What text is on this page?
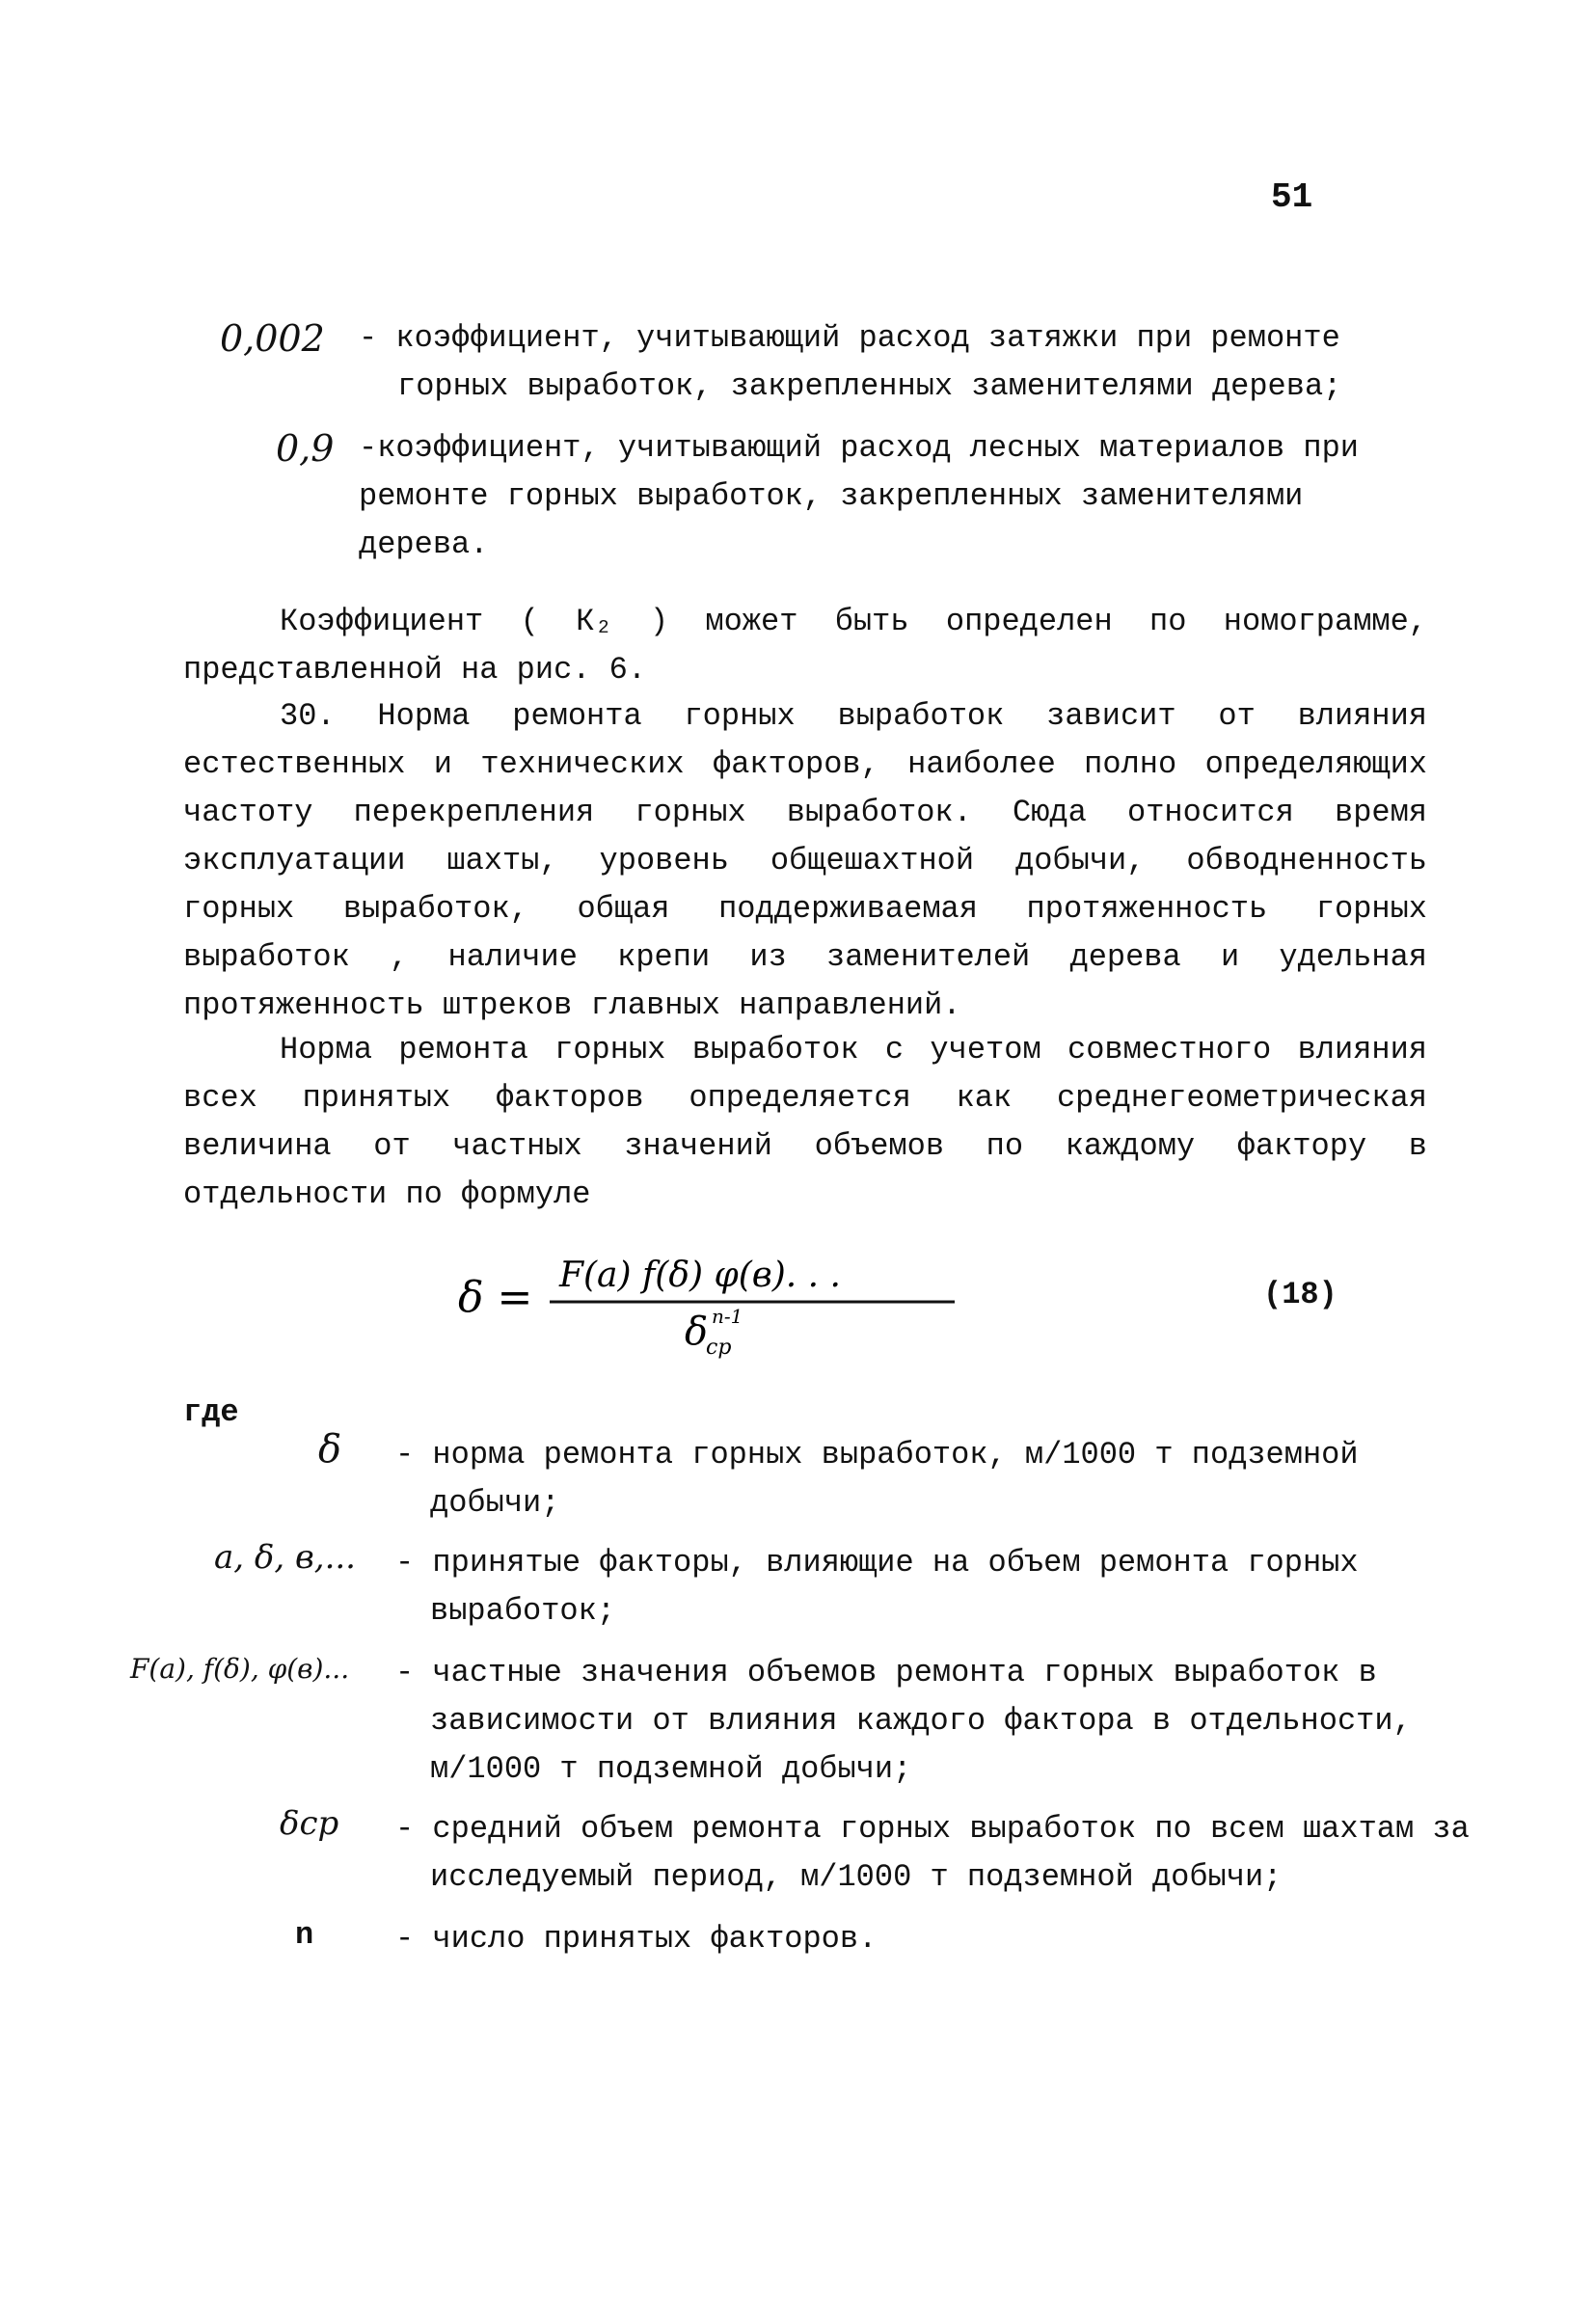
51
0,002 - коэффициент, учитывающий расход затяжки при ремонте горных выработок, закрепленных заменителями дерева;
0,9 -коэффициент, учитывающий расход лесных материалов при ремонте горных выработок, закрепленных заменителями дерева.
Коэффициент ( К₂ ) может быть определен по номограмме, представленной на рис. 6.
30. Норма ремонта горных выработок зависит от влияния естественных и технических факторов, наиболее полно определяющих частоту перекрепления горных выработок. Сюда относится время эксплуатации шахты, уровень общешахтной добычи, обводненность горных выработок, общая поддерживаемая протяженность горных выработок , наличие крепи из заменителей дерева и удельная протяженность штреков главных направлений.
Норма ремонта горных выработок с учетом совместного влияния всех принятых факторов определяется как среднегеометрическая величина от частных значений объемов по каждому фактору в отдельности по формуле
δ = F(a) f(δ) φ(в). . .
δ
ср
n-1
(18)
где
δ - норма ремонта горных выработок, м/1000 т подземной добычи;
a, δ, в,... - принятые факторы, влияющие на объем ремонта горных выработок;
F(a), f(δ), φ(в)... - частные значения объемов ремонта горных выработок в зависимости от влияния каждого фактора в отдельности, м/1000 т подземной добычи;
δср - средний объем ремонта горных выработок по всем шахтам за исследуемый период, м/1000 т подземной добычи;
n	- число принятых факторов.
